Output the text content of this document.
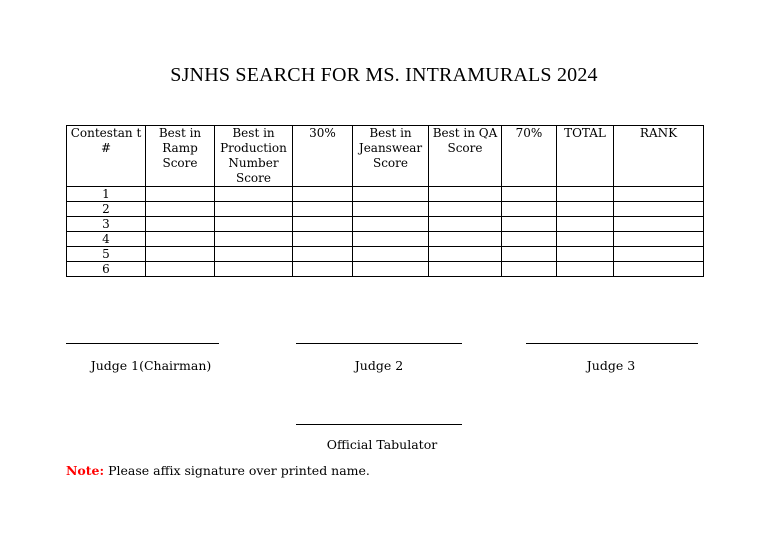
SJNHS SEARCH FOR MS. INTRAMURALS 2024
Contestan t #	Best in Ramp Score	Best in Production Number Score	30%	Best in Jeanswear Score	Best in QA Score	70%	TOTAL	RANK
1								
2								
3								
4								
5								
6								
Judge 1(Chairman)	Judge 2	Judge 3
Official Tabulator
Note: Please affix signature over printed name.
